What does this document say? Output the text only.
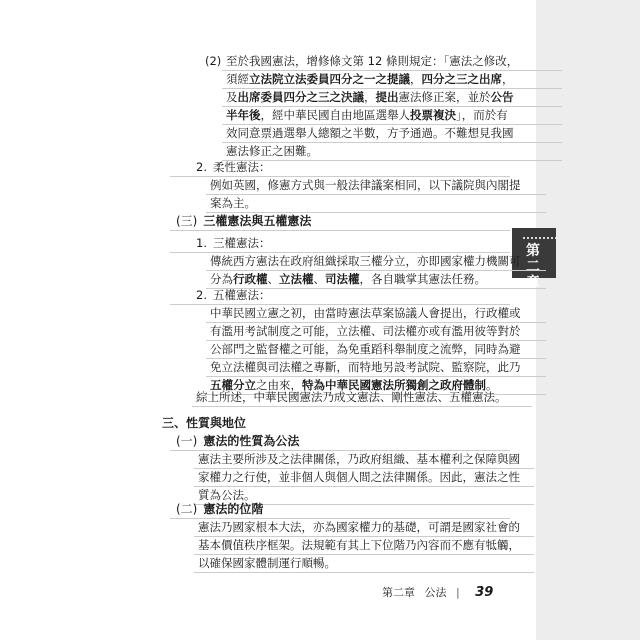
第二章
(2) 至於我國憲法，增修條文第 12 條則規定：「憲法之修改，
須經立法院立法委員四分之一之提議，四分之三之出席，
及出席委員四分之三之決議，提出憲法修正案，並於公告
半年後，經中華民國自由地區選舉人投票複決」，而於有
效同意票過選舉人總額之半數，方予通過。不難想見我國
憲法修正之困難。
2. 柔性憲法：
例如英國，修憲方式與一般法律議案相同，以下議院與內閣提
案為主。
(三) 三權憲法與五權憲法
1. 三權憲法：
傳統西方憲法在政府組織採取三權分立，亦即國家權力機關可
分為行政權、立法權、司法權，各自職掌其憲法任務。
2. 五權憲法：
中華民國立憲之初，由當時憲法草案協議人會提出，行政權或
有濫用考試制度之可能，立法權、司法權亦或有濫用彼等對於
公部門之監督權之可能，為免重蹈科舉制度之流弊，同時為避
免立法權與司法權之專斷，而特地另設考試院、監察院，此乃
五權分立之由來，特為中華民國憲法所獨創之政府體制。
綜上所述，中華民國憲法乃成文憲法、剛性憲法、五權憲法。
三、性質與地位
(一) 憲法的性質為公法
憲法主要所涉及之法律關係，乃政府組織、基本權利之保障與國
家權力之行使，並非個人與個人間之法律關係。因此，憲法之性
質為公法。
(二) 憲法的位階
憲法乃國家根本大法，亦為國家權力的基礎，可謂是國家社會的
基本價值秩序框架。法規範有其上下位階乃內容而不應有牴觸，
以確保國家體制運行順暢。
第二章 公法 | 39
